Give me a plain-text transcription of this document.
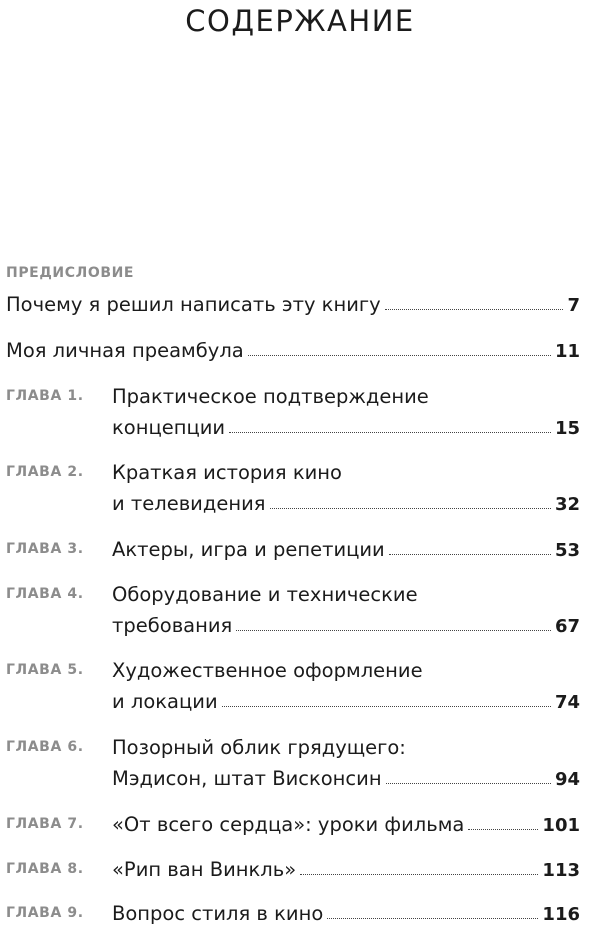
СОДЕРЖАНИЕ
ПРЕДИСЛОВИЕ
Почему я решил написать эту книгу	7
Моя личная преамбула	11
ГЛАВА 1. Практическое подтверждение
концепции	15
ГЛАВА 2. Краткая история кино
и телевидения	32
ГЛАВА 3. Актеры, игра и репетиции	53
ГЛАВА 4. Оборудование и технические
требования	67
ГЛАВА 5. Художественное оформление
и локации	74
ГЛАВА 6. Позорный облик грядущего:
Мэдисон, штат Висконсин	94
ГЛАВА 7. «От всего сердца»: уроки фильма	101
ГЛАВА 8. «Рип ван Винкль»	113
ГЛАВА 9. Вопрос стиля в кино	116
